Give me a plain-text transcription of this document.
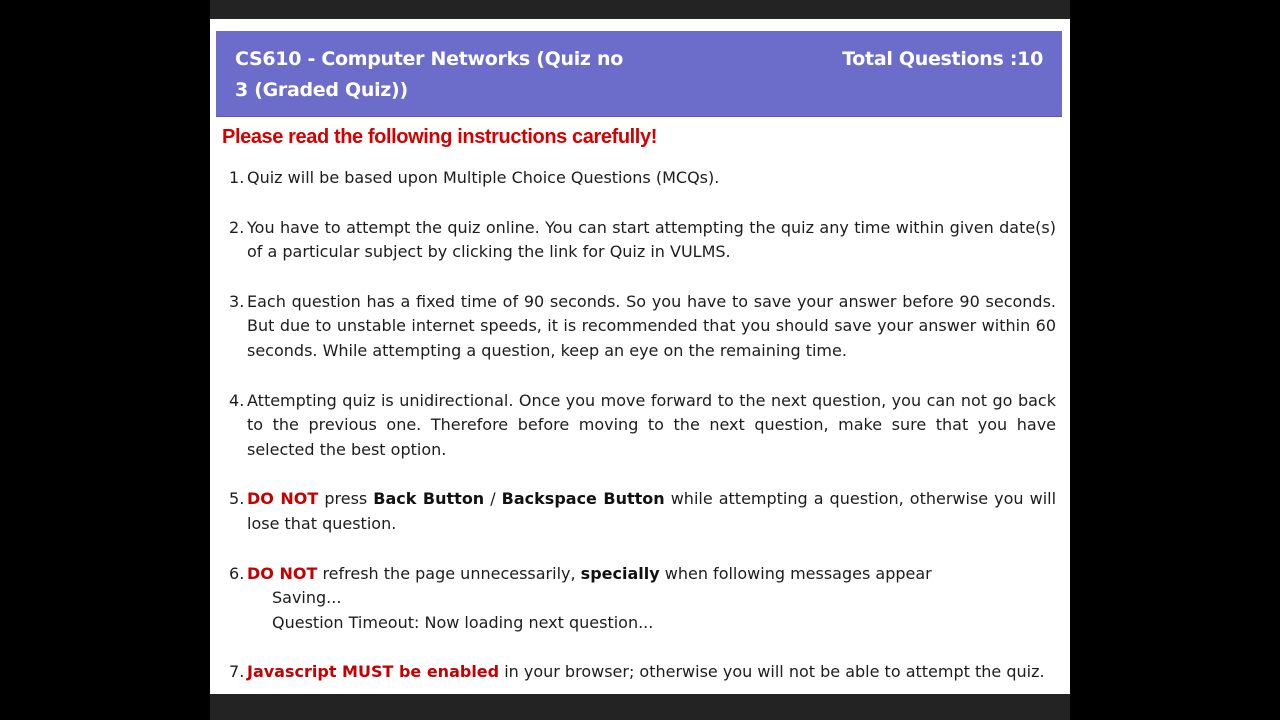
CS610 - Computer Networks (Quiz no 3 (Graded Quiz))
Total Questions :10
Please read the following instructions carefully!
Quiz will be based upon Multiple Choice Questions (MCQs).
You have to attempt the quiz online. You can start attempting the quiz any time within given date(s) of a particular subject by clicking the link for Quiz in VULMS.
Each question has a fixed time of 90 seconds. So you have to save your answer before 90 seconds. But due to unstable internet speeds, it is recommended that you should save your answer within 60 seconds. While attempting a question, keep an eye on the remaining time.
Attempting quiz is unidirectional. Once you move forward to the next question, you can not go back to the previous one. Therefore before moving to the next question, make sure that you have selected the best option.
DO NOT press Back Button / Backspace Button while attempting a question, otherwise you will lose that question.
DO NOT refresh the page unnecessarily, specially when following messages appear
Saving...
Question Timeout: Now loading next question...
Javascript MUST be enabled in your browser; otherwise you will not be able to attempt the quiz.
